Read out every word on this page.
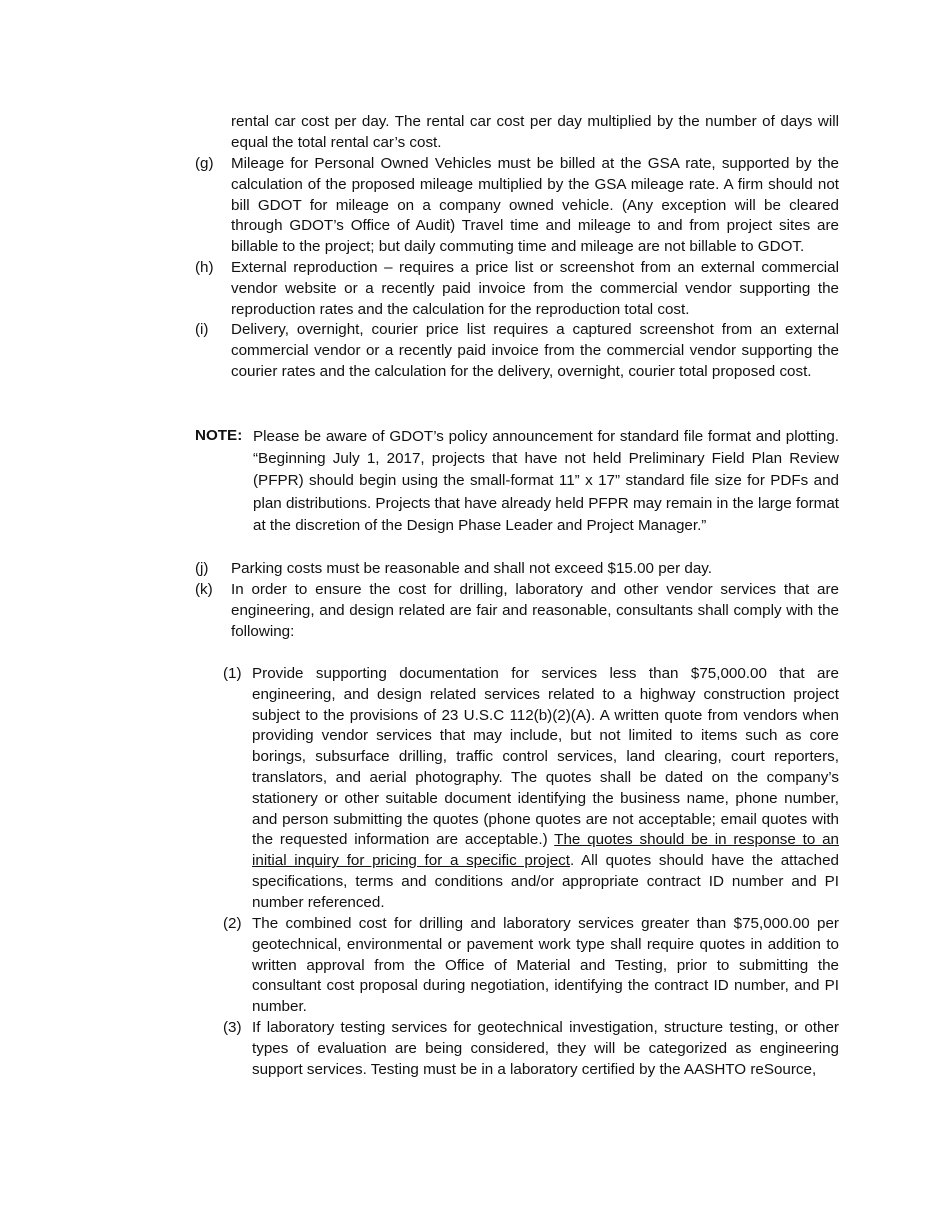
rental car cost per day. The rental car cost per day multiplied by the number of days will equal the total rental car’s cost.

(g) Mileage for Personal Owned Vehicles must be billed at the GSA rate, supported by the calculation of the proposed mileage multiplied by the GSA mileage rate. A firm should not bill GDOT for mileage on a company owned vehicle. (Any exception will be cleared through GDOT’s Office of Audit) Travel time and mileage to and from project sites are billable to the project; but daily commuting time and mileage are not billable to GDOT.

(h) External reproduction – requires a price list or screenshot from an external commercial vendor website or a recently paid invoice from the commercial vendor supporting the reproduction rates and the calculation for the reproduction total cost.

(i) Delivery, overnight, courier price list requires a captured screenshot from an external commercial vendor or a recently paid invoice from the commercial vendor supporting the courier rates and the calculation for the delivery, overnight, courier total proposed cost.

NOTE: Please be aware of GDOT’s policy announcement for standard file format and plotting. “Beginning July 1, 2017, projects that have not held Preliminary Field Plan Review (PFPR) should begin using the small-format 11” x 17” standard file size for PDFs and plan distributions. Projects that have already held PFPR may remain in the large format at the discretion of the Design Phase Leader and Project Manager.”

(j) Parking costs must be reasonable and shall not exceed $15.00 per day.

(k) In order to ensure the cost for drilling, laboratory and other vendor services that are engineering, and design related are fair and reasonable, consultants shall comply with the following:

(1) Provide supporting documentation for services less than $75,000.00 that are engineering, and design related services related to a highway construction project subject to the provisions of 23 U.S.C 112(b)(2)(A). A written quote from vendors when providing vendor services that may include, but not limited to items such as core borings, subsurface drilling, traffic control services, land clearing, court reporters, translators, and aerial photography. The quotes shall be dated on the company’s stationery or other suitable document identifying the business name, phone number, and person submitting the quotes (phone quotes are not acceptable; email quotes with the requested information are acceptable.) The quotes should be in response to an initial inquiry for pricing for a specific project. All quotes should have the attached specifications, terms and conditions and/or appropriate contract ID number and PI number referenced.

(2) The combined cost for drilling and laboratory services greater than $75,000.00 per geotechnical, environmental or pavement work type shall require quotes in addition to written approval from the Office of Material and Testing, prior to submitting the consultant cost proposal during negotiation, identifying the contract ID number, and PI number.

(3) If laboratory testing services for geotechnical investigation, structure testing, or other types of evaluation are being considered, they will be categorized as engineering support services. Testing must be in a laboratory certified by the AASHTO reSource,
